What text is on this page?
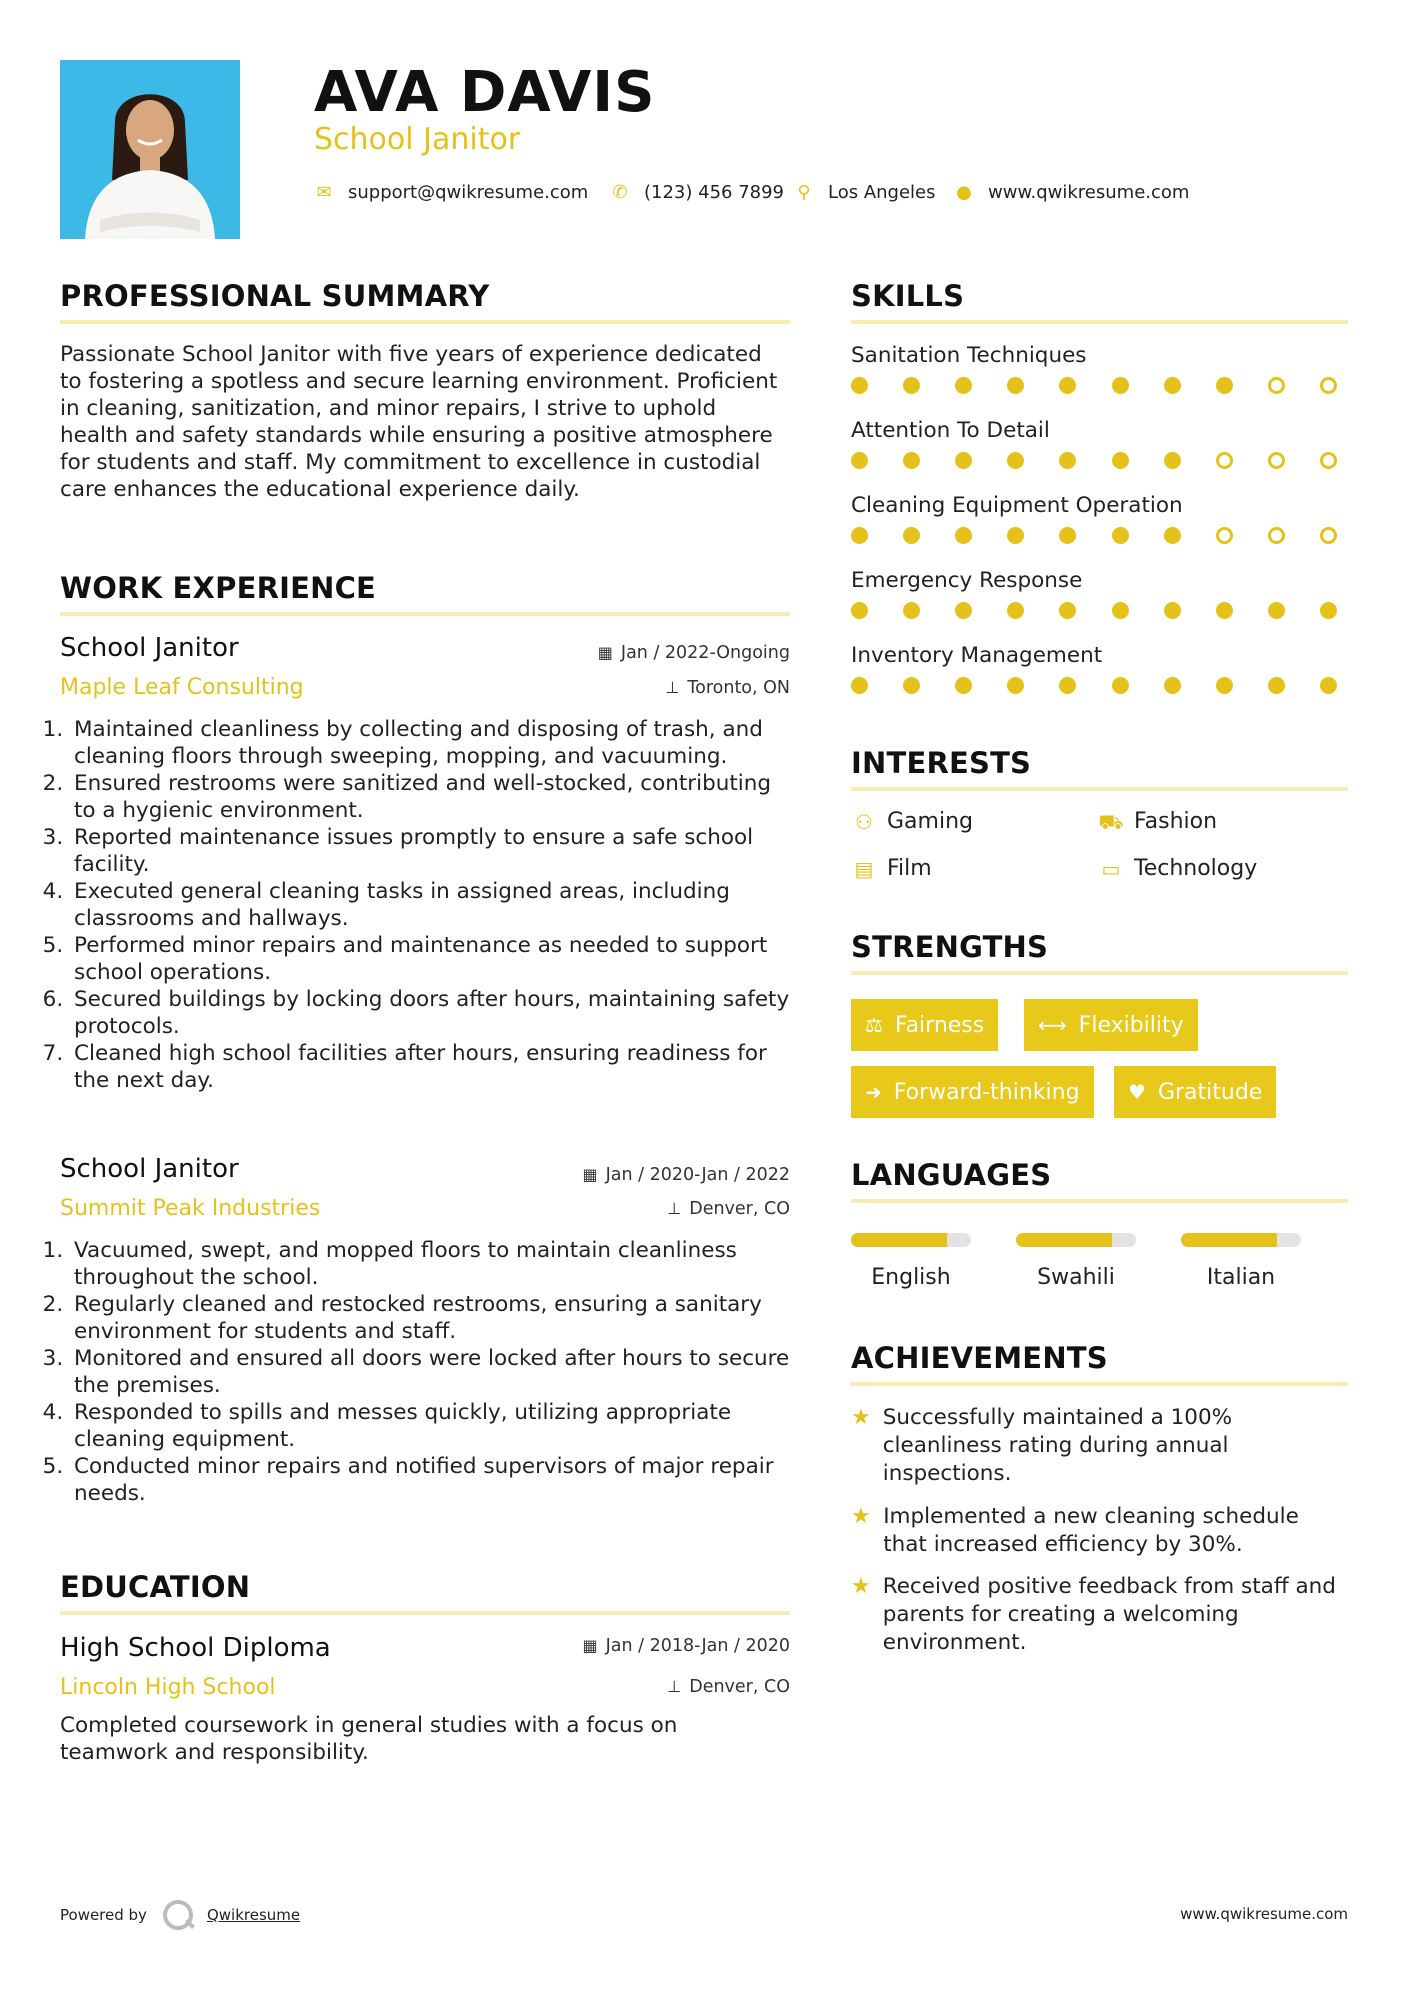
AVA DAVIS
School Janitor
✉ support@qwikresume.com ✆ (123) 456 7899 ⚲ Los Angeles ● www.qwikresume.com
PROFESSIONAL SUMMARY
Passionate School Janitor with five years of experience dedicated to fostering a spotless and secure learning environment. Proficient in cleaning, sanitization, and minor repairs, I strive to uphold health and safety standards while ensuring a positive atmosphere for students and staff. My commitment to excellence in custodial care enhances the educational experience daily.
WORK EXPERIENCE
School Janitor
Maple Leaf Consulting
▦ Jan / 2022-Ongoing
⊥ Toronto, ON
1. Maintained cleanliness by collecting and disposing of trash, and cleaning floors through sweeping, mopping, and vacuuming.
2. Ensured restrooms were sanitized and well-stocked, contributing to a hygienic environment.
3. Reported maintenance issues promptly to ensure a safe school facility.
4. Executed general cleaning tasks in assigned areas, including classrooms and hallways.
5. Performed minor repairs and maintenance as needed to support school operations.
6. Secured buildings by locking doors after hours, maintaining safety protocols.
7. Cleaned high school facilities after hours, ensuring readiness for the next day.
School Janitor
Summit Peak Industries
▦ Jan / 2020-Jan / 2022
⊥ Denver, CO
1. Vacuumed, swept, and mopped floors to maintain cleanliness throughout the school.
2. Regularly cleaned and restocked restrooms, ensuring a sanitary environment for students and staff.
3. Monitored and ensured all doors were locked after hours to secure the premises.
4. Responded to spills and messes quickly, utilizing appropriate cleaning equipment.
5. Conducted minor repairs and notified supervisors of major repair needs.
EDUCATION
High School Diploma
Lincoln High School
▦ Jan / 2018-Jan / 2020
⊥ Denver, CO
Completed coursework in general studies with a focus on teamwork and responsibility.
SKILLS
Sanitation Techniques
Attention To Detail
Cleaning Equipment Operation
Emergency Response
Inventory Management
INTERESTS
⚇ Gaming	⛟ Fashion
▤ Film	▭ Technology
STRENGTHS
⚖ Fairness	⟷ Flexibility
➜ Forward-thinking ♥ Gratitude
LANGUAGES
English	Swahili	Italian
ACHIEVEMENTS
★ Successfully maintained a 100% cleanliness rating during annual inspections.
★ Implemented a new cleaning schedule that increased efficiency by 30%.
★ Received positive feedback from staff and parents for creating a welcoming environment.
Powered by	Qwikresume	www.qwikresume.com
